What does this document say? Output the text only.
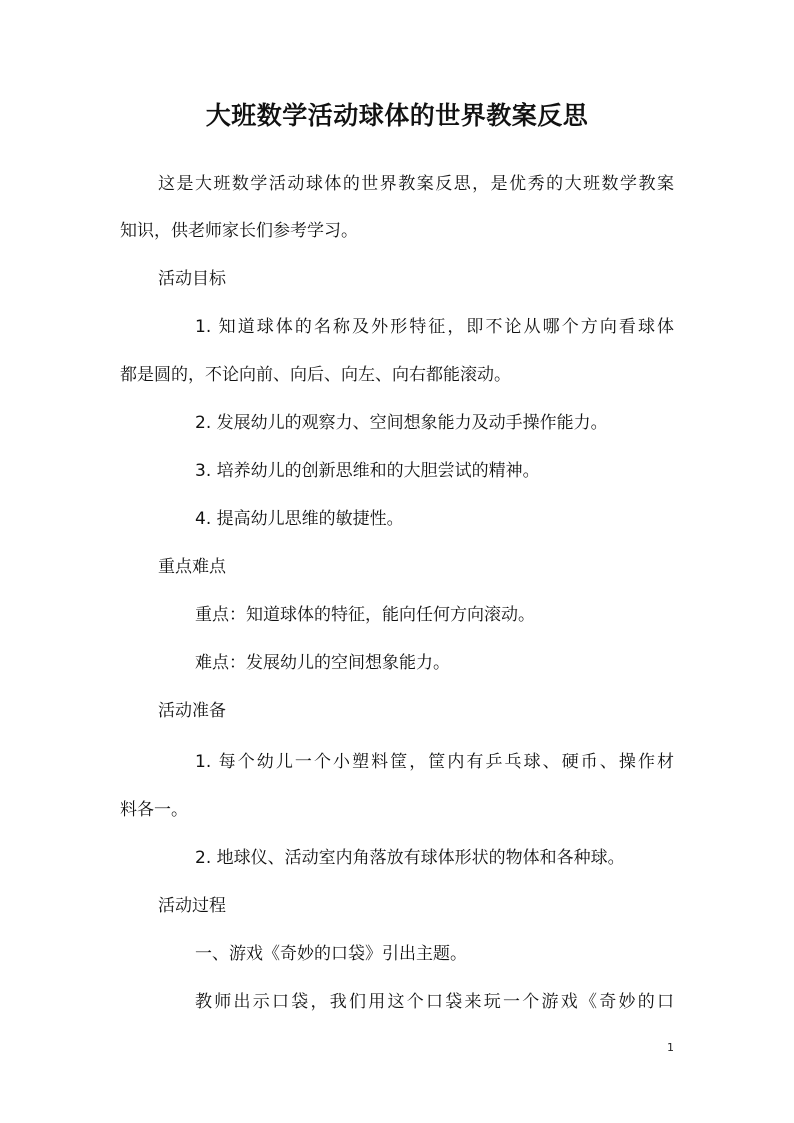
大班数学活动球体的世界教案反思
这是大班数学活动球体的世界教案反思，是优秀的大班数学教案
知识，供老师家长们参考学习。
活动目标
1. 知道球体的名称及外形特征，即不论从哪个方向看球体
都是圆的，不论向前、向后、向左、向右都能滚动。
2. 发展幼儿的观察力、空间想象能力及动手操作能力。
3. 培养幼儿的创新思维和的大胆尝试的精神。
4. 提高幼儿思维的敏捷性。
重点难点
重点：知道球体的特征，能向任何方向滚动。
难点：发展幼儿的空间想象能力。
活动准备
1. 每个幼儿一个小塑料筐，筐内有乒乓球、硬币、操作材
料各一。
2. 地球仪、活动室内角落放有球体形状的物体和各种球。
活动过程
一、游戏《奇妙的口袋》引出主题。
教师出示口袋，我们用这个口袋来玩一个游戏《奇妙的口
1
